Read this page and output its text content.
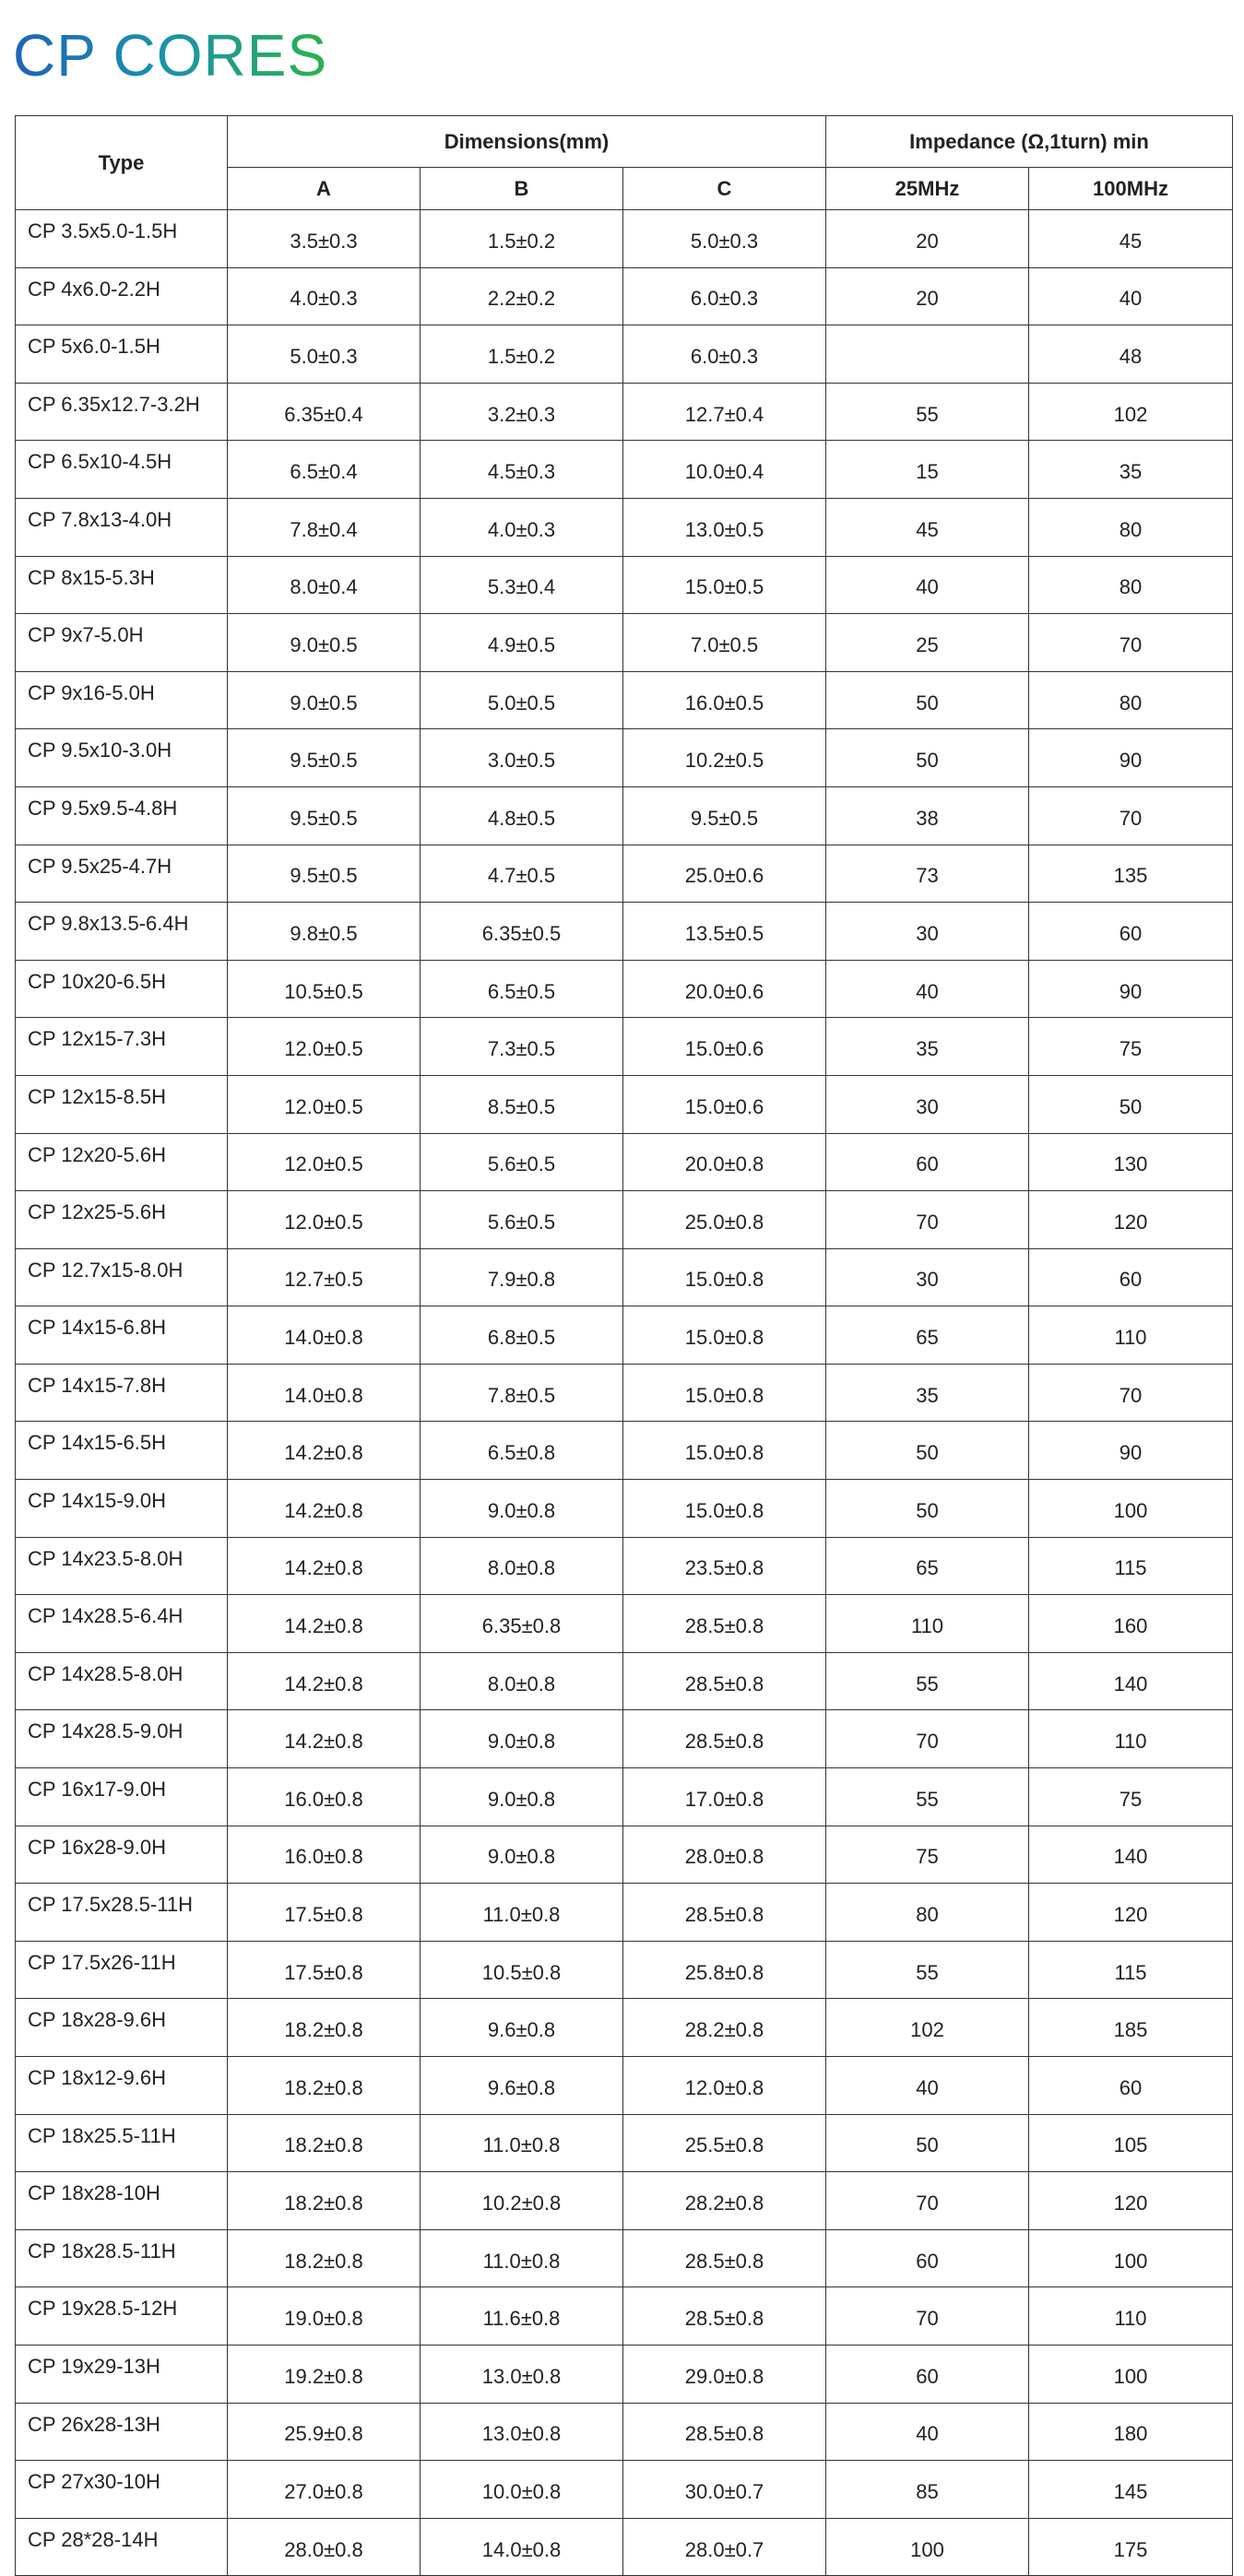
CP CORES
Type	Dimensions(mm)			Impedance (Ω,1turn) min	
	A	B	C	25MHz	100MHz
CP 3.5x5.0-1.5H	3.5±0.3	1.5±0.2	5.0±0.3	20	45
CP 4x6.0-2.2H	4.0±0.3	2.2±0.2	6.0±0.3	20	40
CP 5x6.0-1.5H	5.0±0.3	1.5±0.2	6.0±0.3		48
CP 6.35x12.7-3.2H	6.35±0.4	3.2±0.3	12.7±0.4	55	102
CP 6.5x10-4.5H	6.5±0.4	4.5±0.3	10.0±0.4	15	35
CP 7.8x13-4.0H	7.8±0.4	4.0±0.3	13.0±0.5	45	80
CP 8x15-5.3H	8.0±0.4	5.3±0.4	15.0±0.5	40	80
CP 9x7-5.0H	9.0±0.5	4.9±0.5	7.0±0.5	25	70
CP 9x16-5.0H	9.0±0.5	5.0±0.5	16.0±0.5	50	80
CP 9.5x10-3.0H	9.5±0.5	3.0±0.5	10.2±0.5	50	90
CP 9.5x9.5-4.8H	9.5±0.5	4.8±0.5	9.5±0.5	38	70
CP 9.5x25-4.7H	9.5±0.5	4.7±0.5	25.0±0.6	73	135
CP 9.8x13.5-6.4H	9.8±0.5	6.35±0.5	13.5±0.5	30	60
CP 10x20-6.5H	10.5±0.5	6.5±0.5	20.0±0.6	40	90
CP 12x15-7.3H	12.0±0.5	7.3±0.5	15.0±0.6	35	75
CP 12x15-8.5H	12.0±0.5	8.5±0.5	15.0±0.6	30	50
CP 12x20-5.6H	12.0±0.5	5.6±0.5	20.0±0.8	60	130
CP 12x25-5.6H	12.0±0.5	5.6±0.5	25.0±0.8	70	120
CP 12.7x15-8.0H	12.7±0.5	7.9±0.8	15.0±0.8	30	60
CP 14x15-6.8H	14.0±0.8	6.8±0.5	15.0±0.8	65	110
CP 14x15-7.8H	14.0±0.8	7.8±0.5	15.0±0.8	35	70
CP 14x15-6.5H	14.2±0.8	6.5±0.8	15.0±0.8	50	90
CP 14x15-9.0H	14.2±0.8	9.0±0.8	15.0±0.8	50	100
CP 14x23.5-8.0H	14.2±0.8	8.0±0.8	23.5±0.8	65	115
CP 14x28.5-6.4H	14.2±0.8	6.35±0.8	28.5±0.8	110	160
CP 14x28.5-8.0H	14.2±0.8	8.0±0.8	28.5±0.8	55	140
CP 14x28.5-9.0H	14.2±0.8	9.0±0.8	28.5±0.8	70	110
CP 16x17-9.0H	16.0±0.8	9.0±0.8	17.0±0.8	55	75
CP 16x28-9.0H	16.0±0.8	9.0±0.8	28.0±0.8	75	140
CP 17.5x28.5-11H	17.5±0.8	11.0±0.8	28.5±0.8	80	120
CP 17.5x26-11H	17.5±0.8	10.5±0.8	25.8±0.8	55	115
CP 18x28-9.6H	18.2±0.8	9.6±0.8	28.2±0.8	102	185
CP 18x12-9.6H	18.2±0.8	9.6±0.8	12.0±0.8	40	60
CP 18x25.5-11H	18.2±0.8	11.0±0.8	25.5±0.8	50	105
CP 18x28-10H	18.2±0.8	10.2±0.8	28.2±0.8	70	120
CP 18x28.5-11H	18.2±0.8	11.0±0.8	28.5±0.8	60	100
CP 19x28.5-12H	19.0±0.8	11.6±0.8	28.5±0.8	70	110
CP 19x29-13H	19.2±0.8	13.0±0.8	29.0±0.8	60	100
CP 26x28-13H	25.9±0.8	13.0±0.8	28.5±0.8	40	180
CP 27x30-10H	27.0±0.8	10.0±0.8	30.0±0.7	85	145
CP 28*28-14H	28.0±0.8	14.0±0.8	28.0±0.7	100	175
